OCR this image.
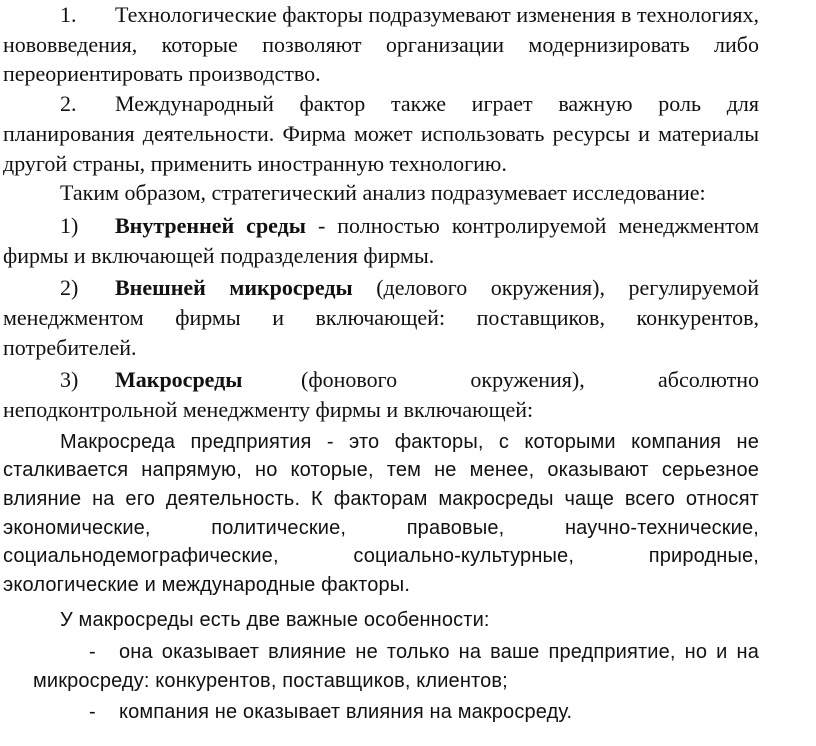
1. Технологические факторы подразумевают изменения в технологиях, нововведения, которые позволяют организации модернизировать либо переориентировать производство.

2. Международный фактор также играет важную роль для планирования деятельности. Фирма может использовать ресурсы и материалы другой страны, применить иностранную технологию.

Таким образом, стратегический анализ подразумевает исследование:

1) Внутренней среды - полностью контролируемой менеджментом фирмы и включающей подразделения фирмы.

2) Внешней микросреды (делового окружения), регулируемой менеджментом фирмы и включающей: поставщиков, конкурентов, потребителей.

3) Макросреды	(фонового окружения), абсолютно неподконтрольной менеджменту фирмы и включающей:

Макросреда предприятия - это факторы, с которыми компания не сталкивается напрямую, но которые, тем не менее, оказывают серьезное влияние на его деятельность. К факторам макросреды чаще всего относят экономические, политические, правовые, научно-технические, социальнодемографические, социально-культурные, природные, экологические и международные факторы.

У макросреды есть две важные особенности:

- она оказывает влияние не только на ваше предприятие, но и на микросреду: конкурентов, поставщиков, клиентов;

- компания не оказывает влияния на макросреду.
